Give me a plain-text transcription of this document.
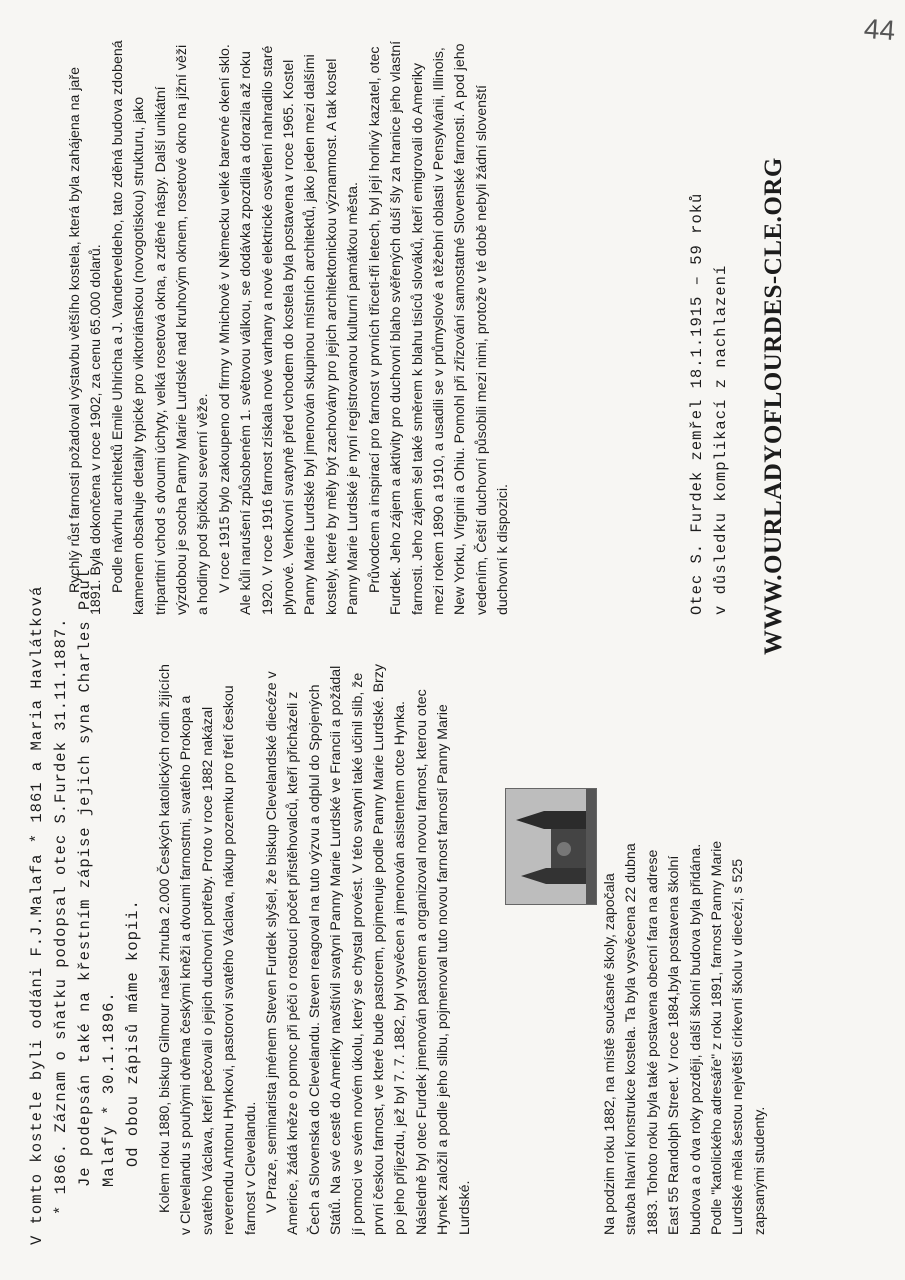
44
V tomto kostele byli oddáni F.J.Malafa * 1861 a Maria Havlátková * 1866. Záznam o sňatku podopsal otec S.Furdek 31.11.1887. Je podepsán také na křestním zápise jejich syna Charles Paul Malafy * 30.1.1896. Od obou zápisů máme kopii. Kolem roku 1880, biskup Gilmour našel zhruba 2.000 Českých katolických rodin žijících v Clevelandu s pouhými dvěma českými kněži a dvoumi farnostmi, svatého Prokopa a svatého Václava, kteří pečovali o jejich duchovní potřeby. Proto v roce 1882 nakázal reverendu Antonu Hynkovi, pastorovi svatého Václava, nákup pozemku pro třetí českou farnost v Clevelandu. V Praze, seminarista jménem Steven Furdek slyšel, že biskup Clevelandské diecéze v Americe, žádá kněze o pomoc při péči o rostoucí počet přistěhovalců, kteří přicházeli z Čech a Slovenska do Clevelandu. Steven reagoval na tuto výzvu a odplul do Spojených Států. Na své cestě do Ameriky navštívil svatyni Panny Marie Lurdské ve Francii a požádal jí pomoci ve svém novém úkolu, který se chystal provést. V této svatyni také učinil slib, že první českou farnost, ve které bude pastorem, pojmenuje podle Panny Marie Lurdské. Brzy po jeho příjezdu, jež byl 7. 7. 1882, byl vysvěcen a jmenován asistentem otce Hynka. Následně byl otec Furdek jmenován pastorem a organizoval novou farnost, kterou otec Hynek založil a podle jeho slibu, pojmenoval tuto novou farnost farností Panny Marie Lurdské.	Na podzim roku 1882, na místě současné školy, započala stavba hlavní konstrukce kostela. Ta byla vysvěcena 22 dubna 1883. Tohoto roku byla také postavena obecní fara na adrese East 55 Randolph Street. V roce 1884,byla postavena školní budova a o dva roky později, další školní budova byla přidána. Podle "katolického adresáře" z roku 1891, farnost Panny Marie Lurdské měla šestou největší církevní školu v diecézi, s 525 zapsanými studenty.

Rychlý růst farnosti požadoval výstavbu většího kostela, která byla zahájena na jaře 1891. Byla dokončena v roce 1902, za cenu 65.000 dolarů. Podle návrhu architektů Emile Uhlricha a J. Vanderveldeho, tato zděná budova zdobená kamenem obsahuje detaily typické pro viktoriánskou (novogotiskou) strukturu, jako tripartitní vchod s dvoumi úchyty, velká rosetová okna, a zděné náspy. Další unikátní výzdobou je socha Panny Marie Lurdské nad kruhovým oknem, rosetové okno na jižní věži a hodiny pod špičkou severní věže. V roce 1915 bylo zakoupeno od firmy v Mnichově v Německu velké barevné okení sklo. Ale kůli narušení způsobeném 1. světovou válkou, se dodávka zpozdila a dorazila až roku 1920. V roce 1916 farnost získala nové varhany a nové elektrické osvětlení nahradilo staré plynové. Venkovní svatyně před vchodem do kostela byla postavena v roce 1965. Kostel Panny Marie Lurdské byl jmenován skupinou místních architektů, jako jeden mezi dalšími kostely, které by měly být zachovány pro jejich architektonickou významnost. A tak kostel Panny Marie Lurdské je nyní registrovanou kulturní památkou města. Průvodcem a inspirací pro farnost v prvních třiceti-tři letech, byl její horlivý kazatel, otec Furdek. Jeho zájem a aktivity pro duchovní blaho svěřených duší šly za hranice jeho vlastní farnosti. Jeho zájem šel také směrem k blahu tisíců slováků, kteří emigrovali do Ameriky mezi rokem 1890 a 1910, a usadili se v průmyslové a těžební oblasti v Pensylvánii, Illinois, New Yorku, Virginii a Ohiu. Pomohl při zřizování samostatné Slovenské farnosti. A pod jeho vedením, Čeští duchovní působili mezi nimi, protože v té době nebyli žádní slovenští duchovní k dispozici.	Otec S. Furdek zemřel 18.1.1915 – 59 roků v důsledku komplikací z nachlazení WWW.OURLADYOFLOURDES-CLE.ORG
